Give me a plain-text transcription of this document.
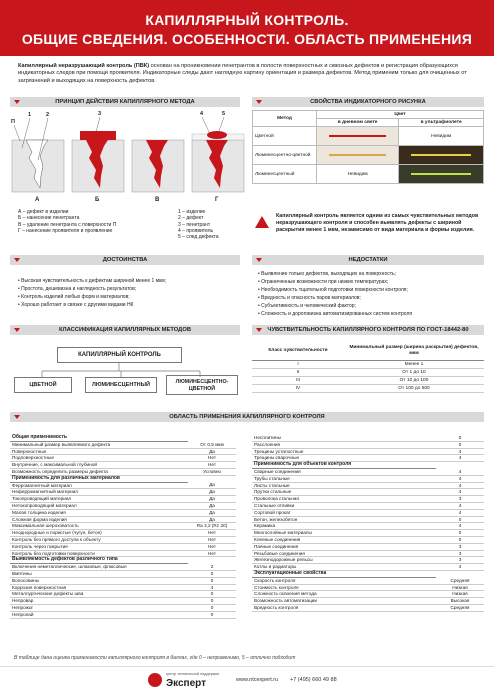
КАПИЛЛЯРНЫЙ КОНТРОЛЬ.
ОБЩИЕ СВЕДЕНИЯ. ОСОБЕННОСТИ. ОБЛАСТЬ ПРИМЕНЕНИЯ
Капиллярный неразрушающий контроль (ПВК) основан на проникновении пенетрантов в полости поверхностных и сквозных дефектов и регистрация образующихся индикаторных следов при помощи проявителя. Индикаторные следы дают наглядную картину ориентация и размера дефектов. Метод применим только для очищенных от загрязнений и выходящих на поверхность дефектов.
ПРИНЦИП ДЕЙСТВИЯ КАПИЛЛЯРНОГО МЕТОДА
П
1	2	3	4	5
А	Б	В	Г
А – дефект в изделии
Б – нанесение пенетранта
В – удаление пенетранта с поверхности П
Г – нанесение проявителя и проявление
1 – изделие
2 – дефект
3 – пенетрант
4 – проявитель
5 – след дефекта
СВОЙСТВА ИНДИКАТОРНОГО РИСУНКА
Метод	Цвет	
	в дневном свете	в ультрафиолете
Цветной		Невидим
Люминесцентно-цветной	

Люминесцентный	Невидим	
Капиллярный контроль является одним из самых чувствительных методов неразрушающего контроля и способен выявлять дефекты с шириной раскрытия менее 1 мкм, независимо от вида материала и формы изделия.
ДОСТОИНСТВА
• Высокая чувствительность к дефектам шириной менее 1 мкм;
• Простота, дешевизна и наглядность результатов;
• Контроль изделий любых форм и материалов;
• Хорошо работает в связке с другими видами НК
НЕДОСТАТКИ
• Выявление только дефектов, выходящих на поверхность;
• Ограниченные возможности при низких температурах;
• Необходимость тщательной подготовки поверхности контроля;
• Вредность и опасность паров материалов;
• Субъективность и человеческий фактор;
• Сложность и дороговизна автоматизированных систем контроля
КЛАССИФИКАЦИЯ КАПИЛЛЯРНЫХ МЕТОДОВ
КАПИЛЛЯРНЫЙ КОНТРОЛЬ
ЦВЕТНОЙ	ЛЮМИНЕСЦЕНТНЫЙ	ЛЮМИНЕСЦЕНТНО-ЦВЕТНОЙ
ЧУВСТВИТЕЛЬНОСТЬ КАПИЛЛЯРНОГО КОНТРОЛЯ ПО ГОСТ-18442-80
Класс чувствительности	Минимальный размер (ширина раскрытия) дефектов, мкм
I	Менее 1
II	От 1 до 10
III	От 10 до 100
IV	От 100 до 500
ОБЛАСТЬ ПРИМЕНЕНИЯ КАПИЛЛЯРНОГО КОНТРОЛЯ
Общая применимость	
Минимальный размер выявляемого дефекта	От 0,5 мкм
Поверхностные	Да
Подповерхностные	Нет
Внутренние, с максимальной глубиной	Нет
Возможность определить размеры дефекта	Условно
Применимость для различных материалов	
Ферромагнитный материал	Да
Неферромагнитный материал	Да
Токопроводящий материал	Да
Нетокопроводящий материал	Да
Малая толщина изделия	Да
Сложная форма изделия	Да
Максимальная шероховатость	Ra 3,2 (Rz 20)
Неоднородные и пористые (чугун, бетон)	Нет
Контроль без прямого доступа к объекту	Нет
Контроль через покрытие	Нет
Контроль без подготовки поверхности	Нет
Выявляемость дефектов различного типа	
Включения неметаллические, шлаковые, флюсовые	2
Вмятины	0
Волосовины	0
Коррозия поверхностная	4
Металлургические дефекты шва	0
Непровар	0
Непрожог	0
Непропай	0
Несплитины	0
Расслоения	0
Трещины усталостные	4
Трещины сварочные	4
Применимость для объектов контроля	
Сварные соединения	4
Трубы стальные	4
Листы стальные	4
Прутки стальные	4
Проволока стальная	3
Стальные отливки	4
Сортовой прокат	4
Бетон, железобетон	0
Керамика	4
Многослойные материалы	0
Клееные соединения	0
Паяные соединения	3
Резьбовые соединения	3
Железнодорожные рельсы	3
Котлы и радиаторы	4
Эксплуатационные свойства	
Скорость контроля	Средняя
Стоимость контроля	Низкая
Сложность освоения метода	Низкая
Возможность автоматизации	Высокая
Вредность контроля	Средняя
В таблице дана оценка применимости капиллярного контроля в баллах, где 0 – неприменимо, 5 – отлично подходит
центр технической поддержки
Эксперт	www.ntcexpert.ru +7 (495) 660 49 88
